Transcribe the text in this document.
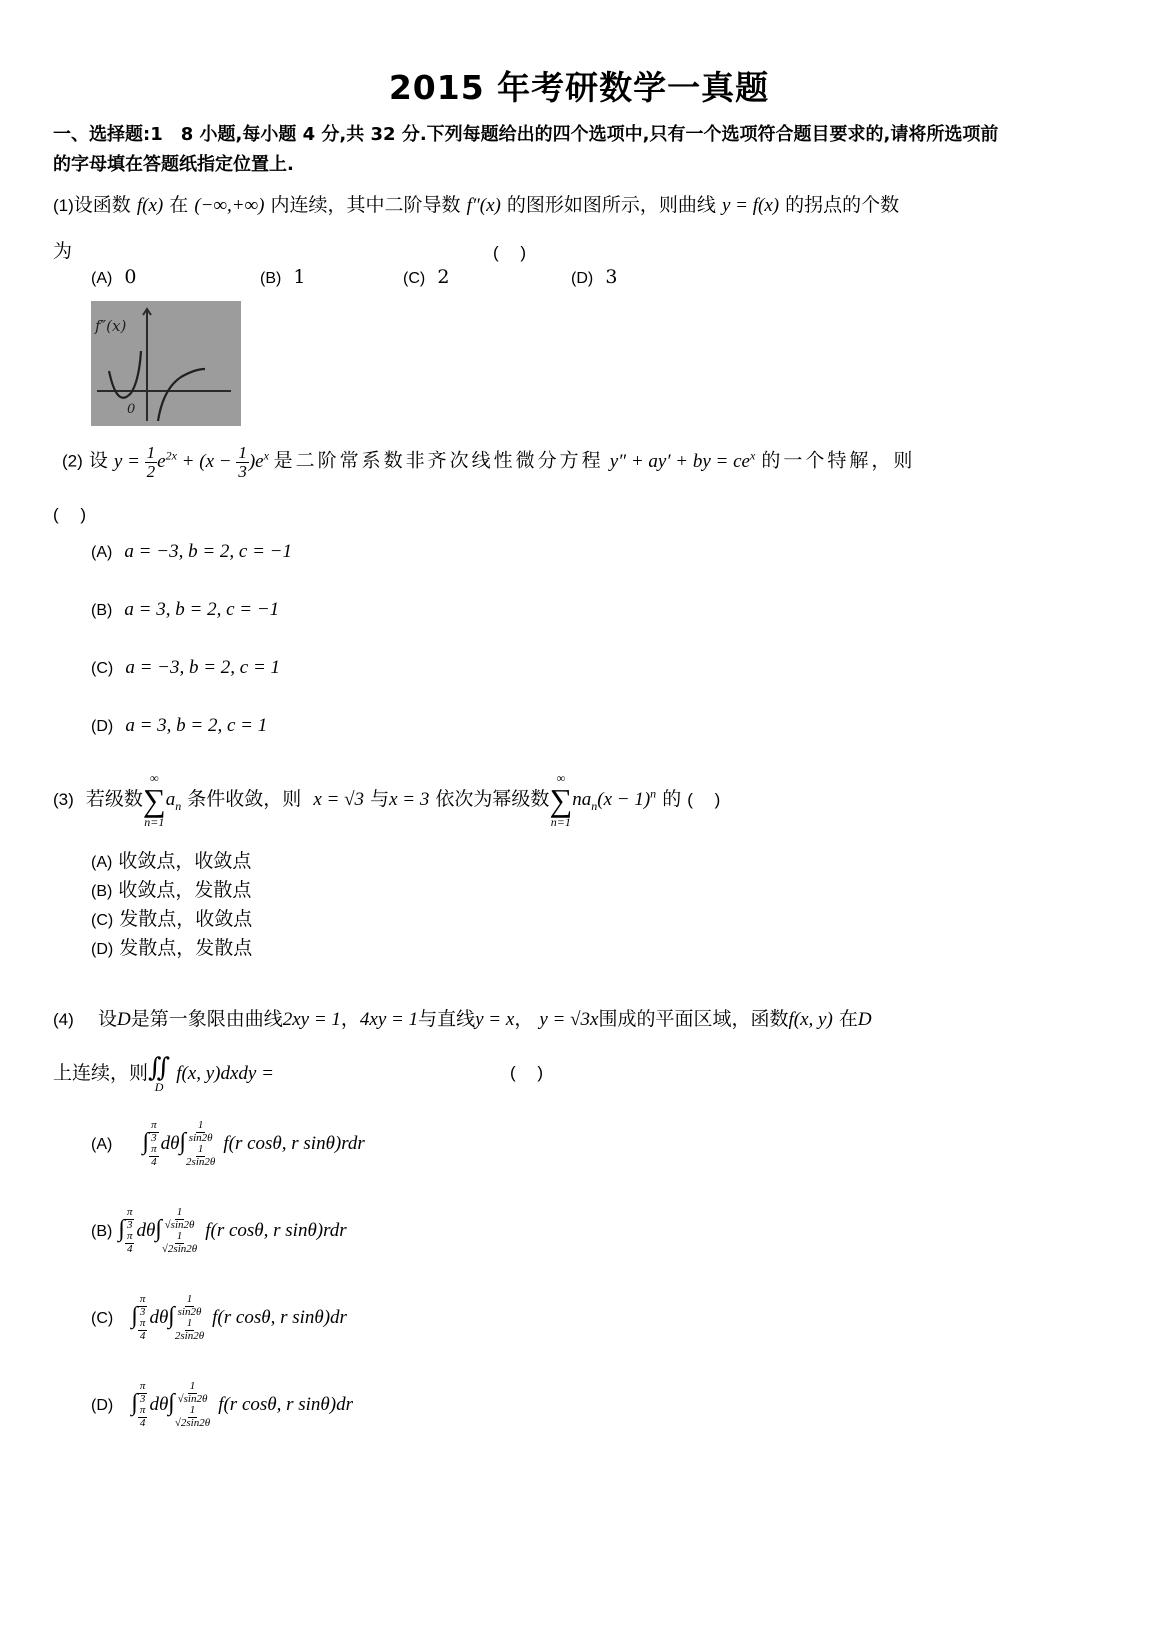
2015 年考研数学一真题
一、选择题:1　8 小题,每小题 4 分,共 32 分.下列每题给出的四个选项中,只有一个选项符合题目要求的,请将所选项前
的字母填在答题纸指定位置上.
(1)设函数 f(x) 在 (−∞,+∞) 内连续，其中二阶导数 f″(x) 的图形如图所示，则曲线 y = f(x) 的拐点的个数
为	(　 )
(A) 0	(B) 1	(C) 2	(D) 3
f″(x)
0
(2) 设 $y = \frac{1}{2} e^{2x} + (x - \frac{1}{3} )e^x$ 是二阶常系数非齐次线性微分方程 y″ + ay′ + by = $ce^x$ 的一个特解，则
(　 )
(A) a = −3, b = 2, c = −1
(B) a = 3, b = 2, c = −1
(C) a = −3, b = 2, c = 1
(D) a = 3, b = 2, c = 1
(3) 若级数
∞
∑
n=1
$a_n$ 条件收敛，则 x = √3 与x = 3 依次为幂级数
∞
∑
n=1
$na_n(x - 1)^n$ 的 (　 )
(A) 收敛点，收敛点
(B) 收敛点，发散点
(C) 发散点，收敛点
(D) 发散点，发散点
(4) 设D是第一象限由曲线2xy = 1，4xy = 1与直线y = x， y = √3x围成的平面区域，函数f(x, y) 在D
上连续，则 ∬
D
f(x, y)dxdy =	(　 )
(A) ∫ $\frac{\pi}{3}$
$\frac{\pi}{4}$
$d\theta\int \frac{1}{\sin 2\theta}$
$\frac{1}{2\sin 2\theta}$
f(r cosθ, r sinθ)rdr
(B) ∫ $\frac{\pi}{3}$
$\frac{\pi}{4}$
$d\theta\int \frac{1}{√\sin 2\theta}$
$\frac{1}{√2\sin 2\theta}$
f(r cosθ, r sinθ)rdr
(C) ∫ $\frac{\pi}{3}$
$\frac{\pi}{4}$
$d\theta\int \frac{1}{\sin 2\theta}$
$\frac{1}{2\sin 2\theta}$
f(r cosθ, r sinθ)dr
(D) ∫ $\frac{\pi}{3}$
$\frac{\pi}{4}$
$d\theta\int \frac{1}{√\sin 2\theta}$
$\frac{1}{√2\sin 2\theta}$
f(r cosθ, r sinθ)dr
